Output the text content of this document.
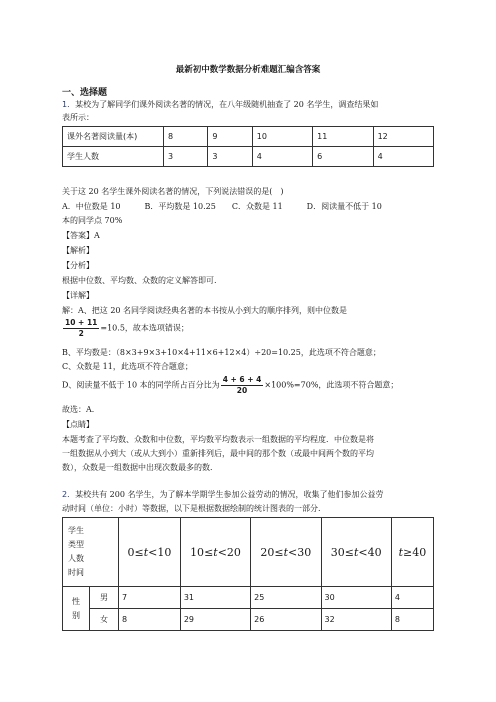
最新初中数学数据分析难题汇编含答案
一、选择题
1．某校为了解同学们课外阅读名著的情况，在八年级随机抽查了 20 名学生，调查结果如
表所示：
课外名著阅读量(本)	8	9	10	11	12
学生人数	3	3	4	6	4
关于这 20 名学生课外阅读名著的情况，下列说法错误的是(　)
A．中位数是 10　　　B．平均数是 10.25　　C．众数是 11　　　D．阅读量不低于 10
本的同学点 70%
【答案】A
【解析】
【分析】
根据中位数、平均数、众数的定义解答即可.
【详解】
解：A、把这 20 名同学阅读经典名著的本书按从小到大的顺序排列，则中位数是
$\frac{10 + 11}{2} =10.5$，故本选项错误；
B、平均数是：（8×3+9×3+10×4+11×6+12×4）÷20=10.25，此选项不符合题意；
C、众数是 11，此选项不符合题意；
D、阅读量不低于 10 本的同学所占百分比为 $\frac{4 + 6 + 4}{20} \times 100\%=70\%$，此选项不符合题意；
故选：A．
【点睛】
本题考查了平均数、众数和中位数，平均数平均数表示一组数据的平均程度．中位数是将
一组数据从小到大（或从大到小）重新排列后，最中间的那个数（或最中间两个数的平均
数），众数是一组数据中出现次数最多的数．
2．某校共有 200 名学生，为了解本学期学生参加公益劳动的情况，收集了他们参加公益劳
动时间（单位：小时）等数据，以下是根据数据绘制的统计图表的一部分.
学生
类型
人数
时间		0≤t<10	10≤t<20	20≤t<30	30≤t<40	t≥40

性
别	男	7	31	25	30	4
	女	8	29	26	32	8
